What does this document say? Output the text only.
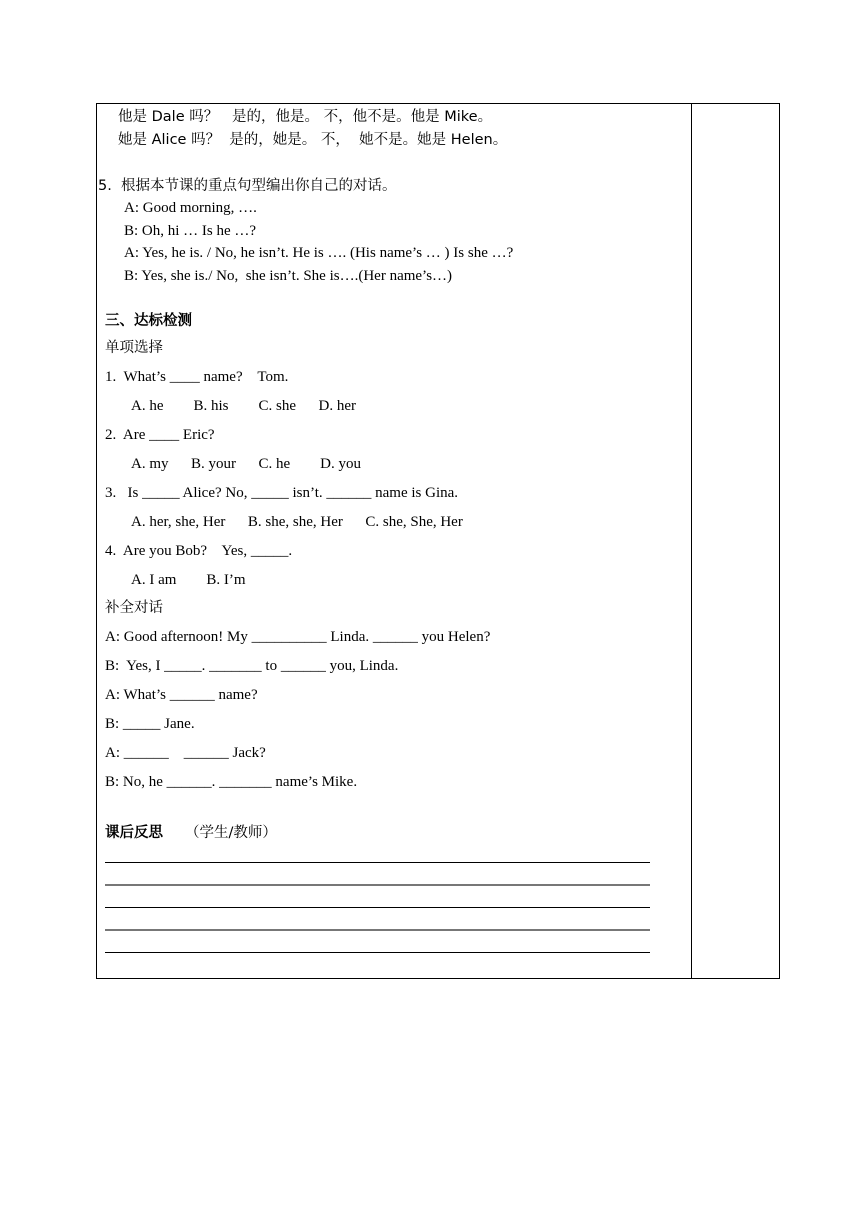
他是 Dale 吗？   是的，他是。 不，他不是。他是 Mike。
她是 Alice 吗？  是的，她是。 不，  她不是。她是 Helen。
5.  根据本节课的重点句型编出你自己的对话。
A: Good morning, ….
B: Oh, hi … Is he …?
A: Yes, he is. / No, he isn’t. He is …. (His name’s … ) Is she …?
B: Yes, she is./ No,  she isn’t. She is….(Her name’s…)
三、达标检测
单项选择
1.  What’s ____ name?    Tom.
A. he        B. his        C. she      D. her
2.  Are ____ Eric?
A. my      B. your      C. he        D. you
3.   Is _____ Alice? No, _____ isn’t. ______ name is Gina.
A. her, she, Her      B. she, she, Her      C. she, She, Her
4.  Are you Bob?    Yes, _____.
A. I am        B. I’m
补全对话
A: Good afternoon! My __________ Linda. ______ you Helen?
B:  Yes, I _____. _______ to ______ you, Linda.
A: What’s ______ name?
B: _____ Jane.
A: ______    ______ Jack?
B: No, he ______. _______ name’s Mike.
课后反思 （学生/教师）
